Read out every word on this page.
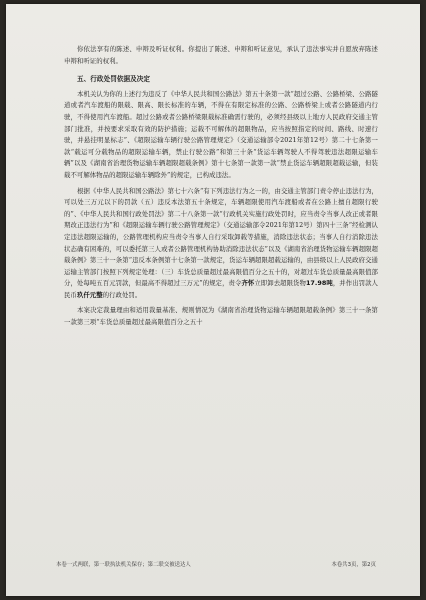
你依法享有的陈述、申辩及听证权利。你提出了陈述、申辩和听证意见，承认了违法事实并自愿放弃陈述申辩和听证的权利。

五、行政处罚依据及决定

本机关认为你的上述行为违反了《中华人民共和国公路法》第五十条第一款“超过公路、公路桥梁、公路隧道或者汽车渡船的限载、限高、限长标准的车辆，不得在有限定标准的公路、公路桥梁上或者公路隧道内行驶，不得使用汽车渡船。超过公路或者公路桥梁限载标准确需行驶的，必须经县级以上地方人民政府交通主管部门批准，并按要求采取有效的防护措施；运载不可解体的超限物品，应当按照指定的时间、路线、时速行驶，并悬挂明显标志”、《超限运输车辆行驶公路管理规定》（交通运输部令2021年第12号）第二十七条第一款“载运可分载物品的超限运输车辆，禁止行驶公路”和第三十条“货运车辆驾驶人不得驾驶违法超限运输车辆”以及《湖南省治理货物运输车辆超限超载条例》第十七条第一款第一款“禁止货运车辆超限超载运输，但装载不可解体物品的超限运输车辆除外”的规定，已构成违法。

根据《中华人民共和国公路法》第七十六条“有下列违法行为之一的，由交通主管部门责令停止违法行为，可以处三万元以下的罚款（五）违反本法第五十条规定，车辆超限使用汽车渡船或者在公路上擅自超限行驶的”、《中华人民共和国行政处罚法》第二十八条第一款“行政机关实施行政处罚时，应当责令当事人改正或者限期改正违法行为”和《超限运输车辆行驶公路管理规定》（交通运输部令2021年第12号）第四十三条“经检测认定违法超限运输的，公路管理机构应当责令当事人自行采取卸载等措施，消除违法状态；当事人自行消除违法状态确有困难的，可以委托第三人或者公路管理机构协助消除违法状态”以及《湖南省治理货物运输车辆超限超载条例》第三十一条第“违反本条例第十七条第一款规定，货运车辆超限超载运输的，由县级以上人民政府交通运输主管部门按照下列规定处理：（三）车货总质量超过最高限值百分之五十的，对超过车货总质量最高限值部分，处每吨五百元罚款，但最高不得超过三万元”的规定，责令齐怀立即卸去超限货物17.98吨，并作出罚款人民币玖仟元整的行政处罚。

本案决定裁量理由和适用裁量基准、规则情况为《湖南省治理货物运输车辆超限超载条例》第三十一条第一款第三项“车货总质量超过最高限值百分之五十

本卷一式两联，第一联执法机关保存；第二联交被送达人	本卷共3页，第2页
